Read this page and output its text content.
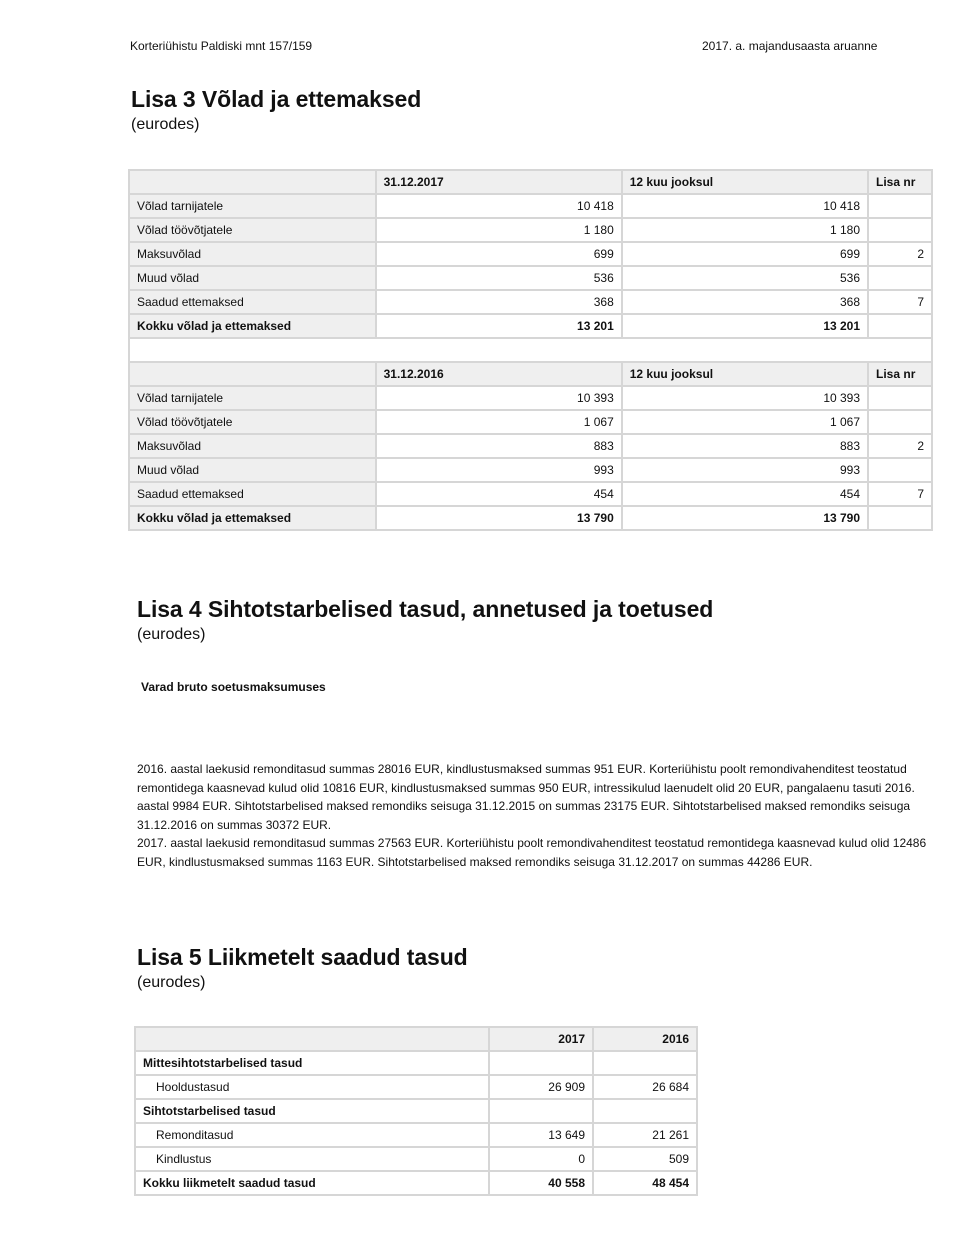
Korteriühistu Paldiski mnt 157/159	2017. a. majandusaasta aruanne
Lisa 3 Võlad ja ettemaksed
(eurodes)
	31.12.2017	12 kuu jooksul	Lisa nr
Võlad tarnijatele	10 418	10 418	
Võlad töövõtjatele	1 180	1 180	
Maksuvõlad	699	699	2
Muud võlad	536	536	
Saadud ettemaksed	368	368	7
Kokku võlad ja ettemaksed	13 201	13 201	

	31.12.2016	12 kuu jooksul	Lisa nr
Võlad tarnijatele	10 393	10 393	
Võlad töövõtjatele	1 067	1 067	
Maksuvõlad	883	883	2
Muud võlad	993	993	
Saadud ettemaksed	454	454	7
Kokku võlad ja ettemaksed	13 790	13 790	
Lisa 4 Sihtotstarbelised tasud, annetused ja toetused
(eurodes)
Varad bruto soetusmaksumuses

2016. aastal laekusid remonditasud summas 28016 EUR, kindlustusmaksed summas 951 EUR. Korteriühistu poolt remondivahenditest teostatud remontidega kaasnevad kulud olid 10816 EUR, kindlustusmaksed summas 950 EUR, intressikulud laenudelt olid 20 EUR, pangalaenu tasuti 2016. aastal 9984 EUR. Sihtotstarbelised maksed remondiks seisuga 31.12.2015 on summas 23175 EUR. Sihtotstarbelised maksed remondiks seisuga 31.12.2016 on summas 30372 EUR.

2017. aastal laekusid remonditasud summas 27563 EUR. Korteriühistu poolt remondivahenditest teostatud remontidega kaasnevad kulud olid 12486 EUR, kindlustusmaksed summas 1163 EUR. Sihtotstarbelised maksed remondiks seisuga 31.12.2017 on summas 44286 EUR.

Lisa 5 Liikmetelt saadud tasud
(eurodes)
	2017	2016
Mittesihtotstarbelised tasud		
Hooldustasud	26 909	26 684
Sihtotstarbelised tasud		
Remonditasud	13 649	21 261
Kindlustus	0	509
Kokku liikmetelt saadud tasud	40 558	48 454
